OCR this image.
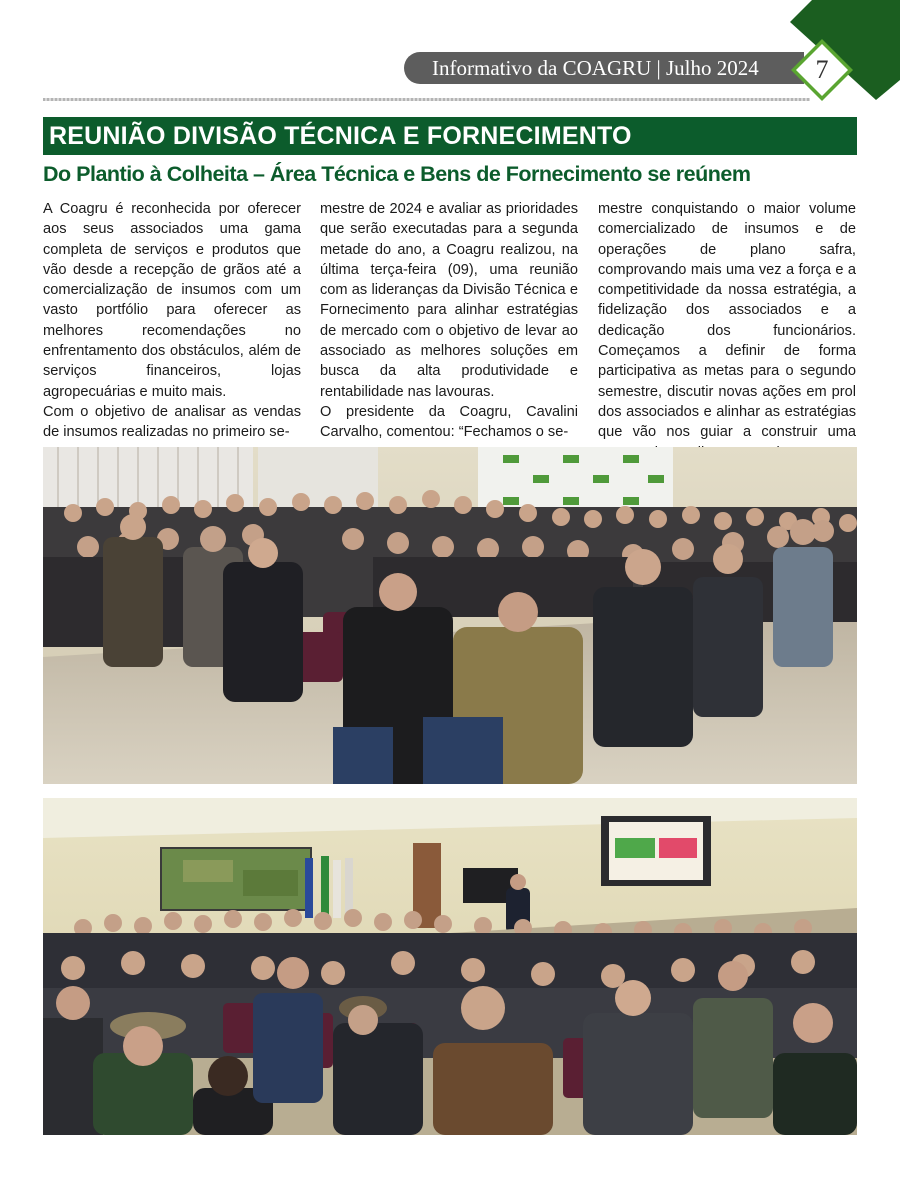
Informativo da COAGRU | Julho 2024	7
REUNIÃO DIVISÃO TÉCNICA E FORNECIMENTO
Do Plantio à Colheita – Área Técnica e Bens de Fornecimento se reúnem

A Coagru é reconhecida por oferecer aos seus associados uma gama completa de serviços e produtos que vão desde a recepção de grãos até a comercialização de insumos com um vasto portfólio para oferecer as melhores recomendações no enfrentamento dos obstáculos, além de serviços financeiros, lojas agropecuárias e muito mais.

Com o objetivo de analisar as vendas de insumos realizadas no primeiro se-

mestre de 2024 e avaliar as prioridades que serão executadas para a segunda metade do ano, a Coagru realizou, na última terça-feira (09), uma reunião com as lideranças da Divisão Técnica e Fornecimento para alinhar estratégias de mercado com o objetivo de levar ao associado as melhores soluções em busca da alta produtividade e rentabilidade nas lavouras.

O presidente da Coagru, Cavalini Carvalho, comentou: “Fechamos o se-

mestre conquistando o maior volume comercializado de insumos e de operações de plano safra, comprovando mais uma vez a força e a competitividade da nossa estratégia, a fidelização dos associados e a dedicação dos funcionários. Começamos a definir de forma participativa as metas para o segundo semestre, discutir novas ações em prol dos associados e alinhar as estratégias que vão nos guiar a construir uma
